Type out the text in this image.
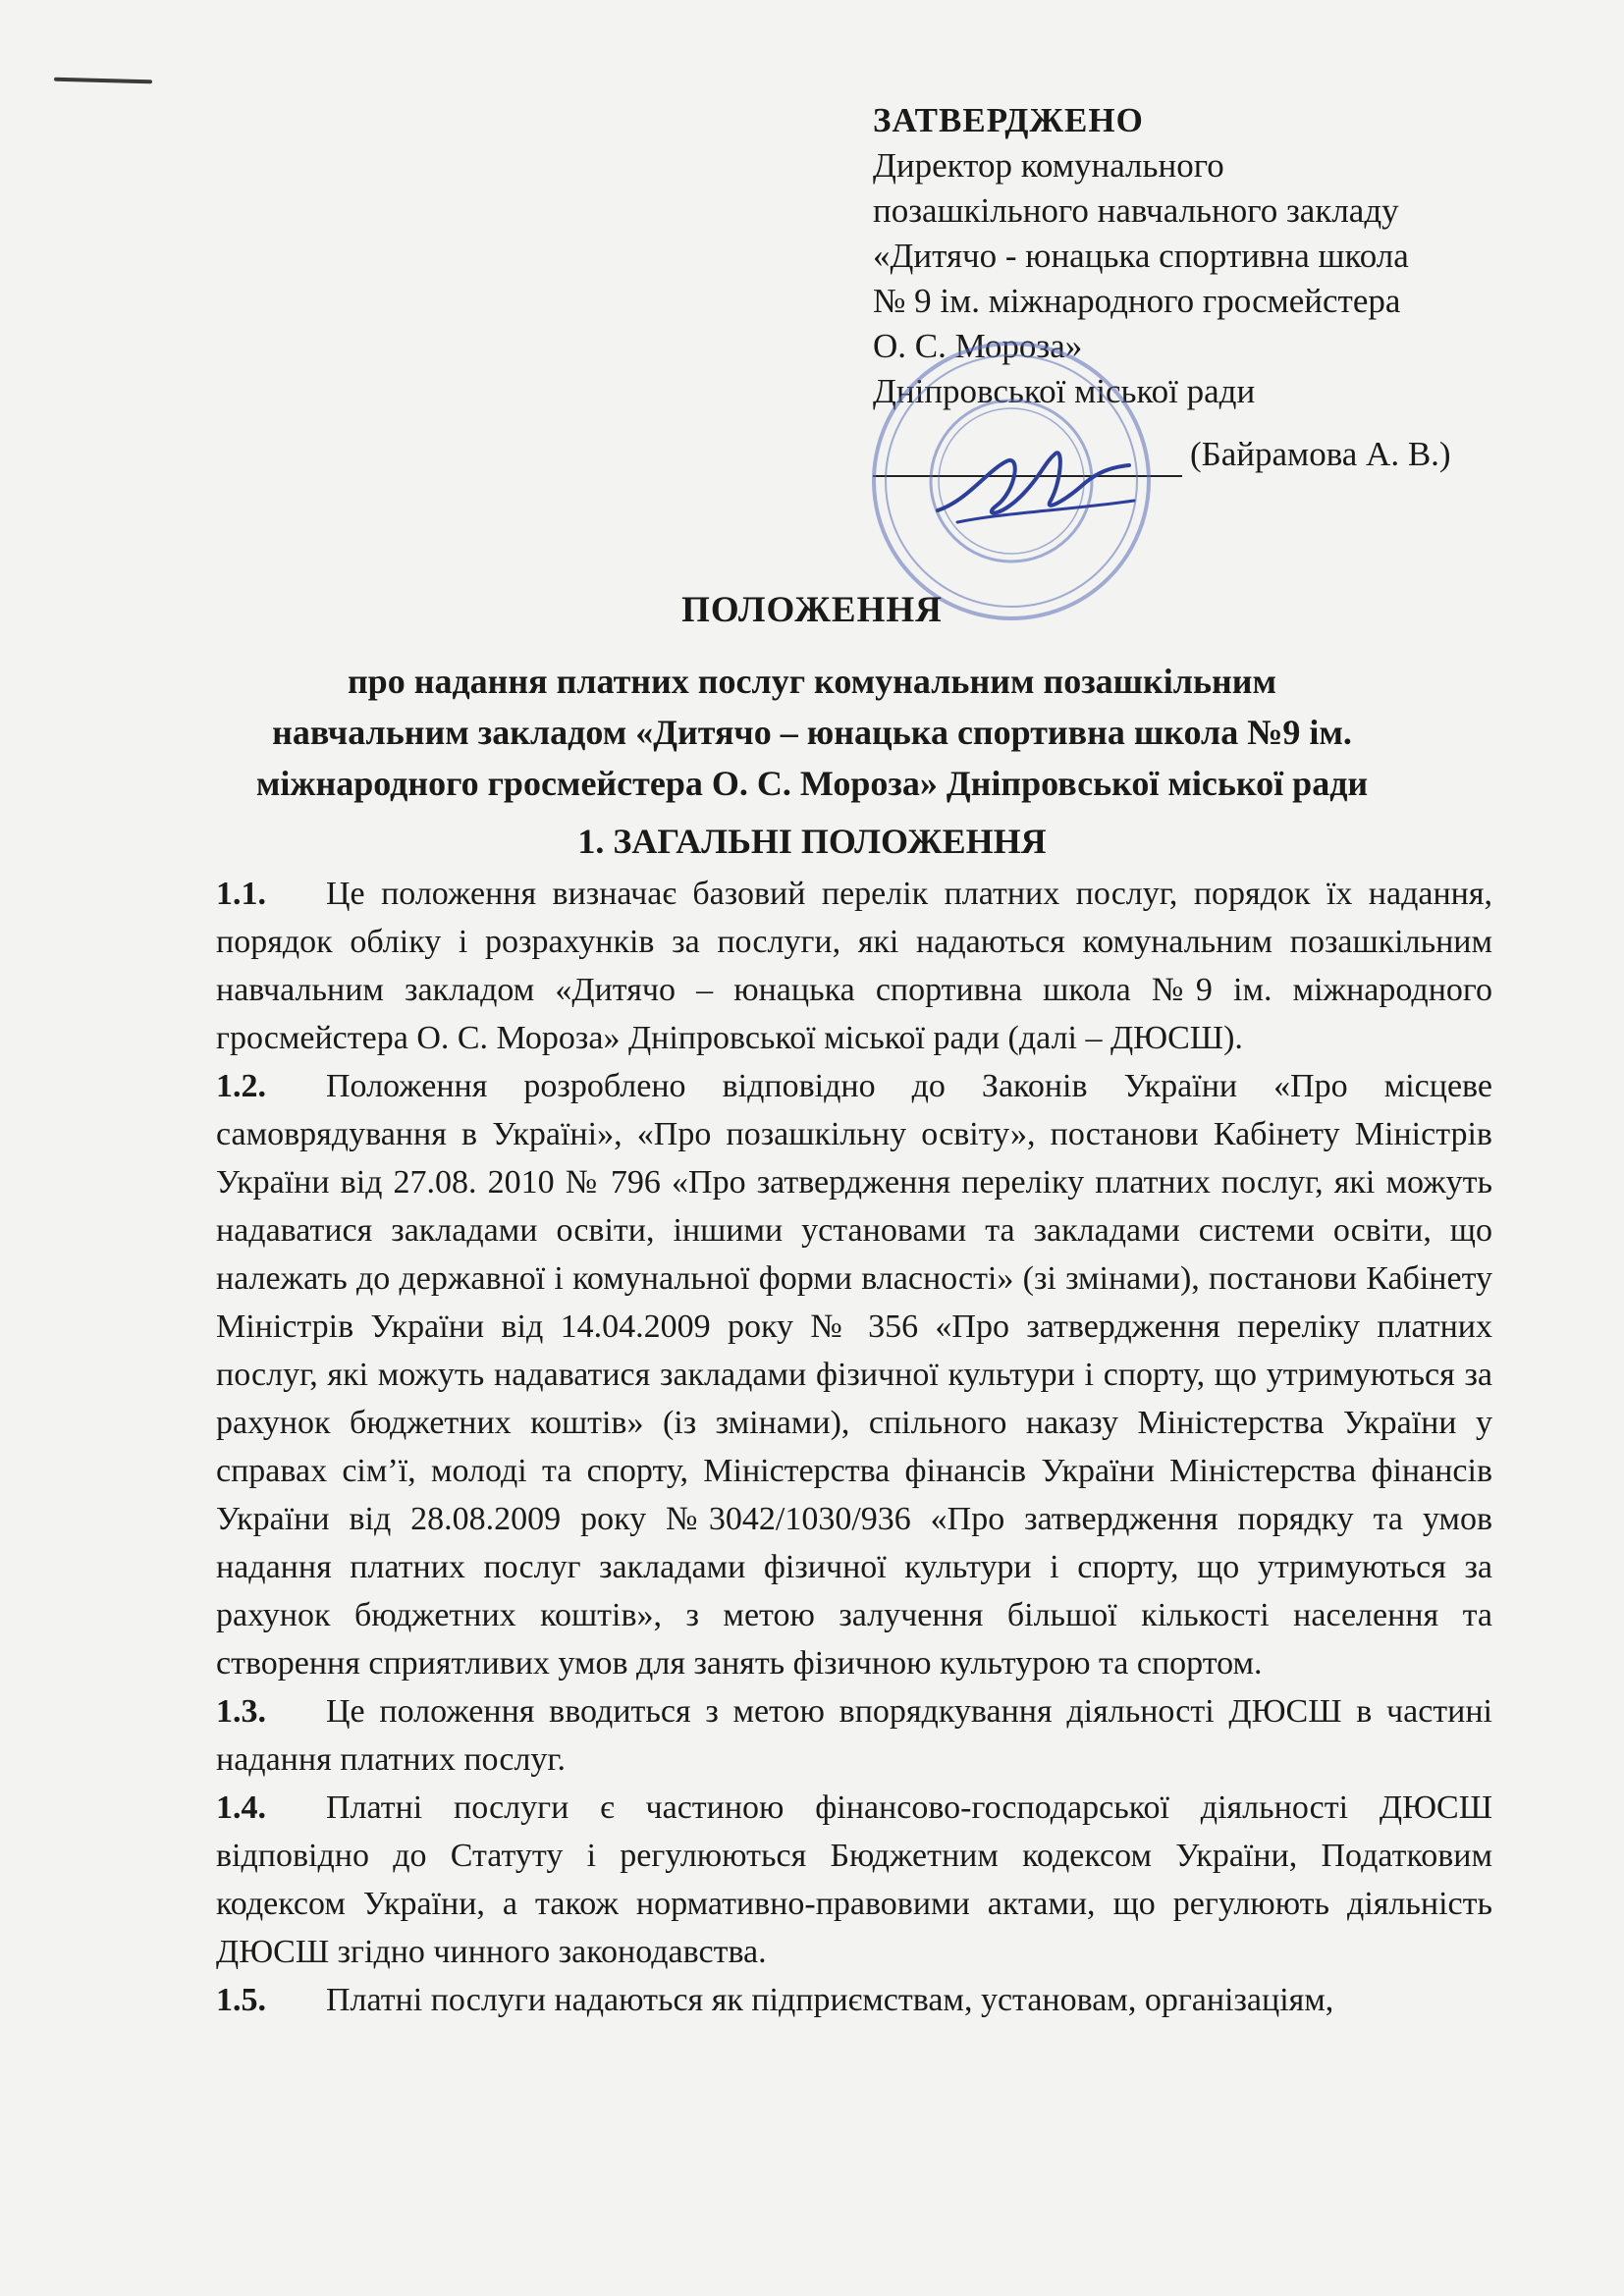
ЗАТВЕРДЖЕНО
Директор комунального
позашкільного навчального закладу
«Дитячо - юнацька спортивна школа
№ 9 ім. міжнародного гросмейстера
О. С. Мороза»
Дніпровської міської ради
(Байрамова А. В.)
ПОЛОЖЕННЯ
про надання платних послуг комунальним позашкільним навчальним закладом «Дитячо – юнацька спортивна школа №9 ім. міжнародного гросмейстера О. С. Мороза» Дніпровської міської ради
1. ЗАГАЛЬНІ ПОЛОЖЕННЯ

1.1. Це положення визначає базовий перелік платних послуг, порядок їх надання, порядок обліку і розрахунків за послуги, які надаються комунальним позашкільним навчальним закладом «Дитячо – юнацька спортивна школа №9 ім. міжнародного гросмейстера О. С. Мороза» Дніпровської міської ради (далі – ДЮСШ).

1.2. Положення розроблено відповідно до Законів України «Про місцеве самоврядування в Україні», «Про позашкільну освіту», постанови Кабінету Міністрів України від 27.08. 2010 № 796 «Про затвердження переліку платних послуг, які можуть надаватися закладами освіти, іншими установами та закладами системи освіти, що належать до державної і комунальної форми власності» (зі змінами), постанови Кабінету Міністрів України від 14.04.2009 року № 356 «Про затвердження переліку платних послуг, які можуть надаватися закладами фізичної культури і спорту, що утримуються за рахунок бюджетних коштів» (із змінами), спільного наказу Міністерства України у справах сім’ї, молоді та спорту, Міністерства фінансів України Міністерства фінансів України від 28.08.2009 року №3042/1030/936 «Про затвердження порядку та умов надання платних послуг закладами фізичної культури і спорту, що утримуються за рахунок бюджетних коштів», з метою залучення більшої кількості населення та створення сприятливих умов для занять фізичною культурою та спортом.

1.3. Це положення вводиться з метою впорядкування діяльності ДЮСШ в частині надання платних послуг.

1.4. Платні послуги є частиною фінансово-господарської діяльності ДЮСШ відповідно до Статуту і регулюються Бюджетним кодексом України, Податковим кодексом України, а також нормативно-правовими актами, що регулюють діяльність ДЮСШ згідно чинного законодавства.

1.5. Платні послуги надаються як підприємствам, установам, організаціям,
